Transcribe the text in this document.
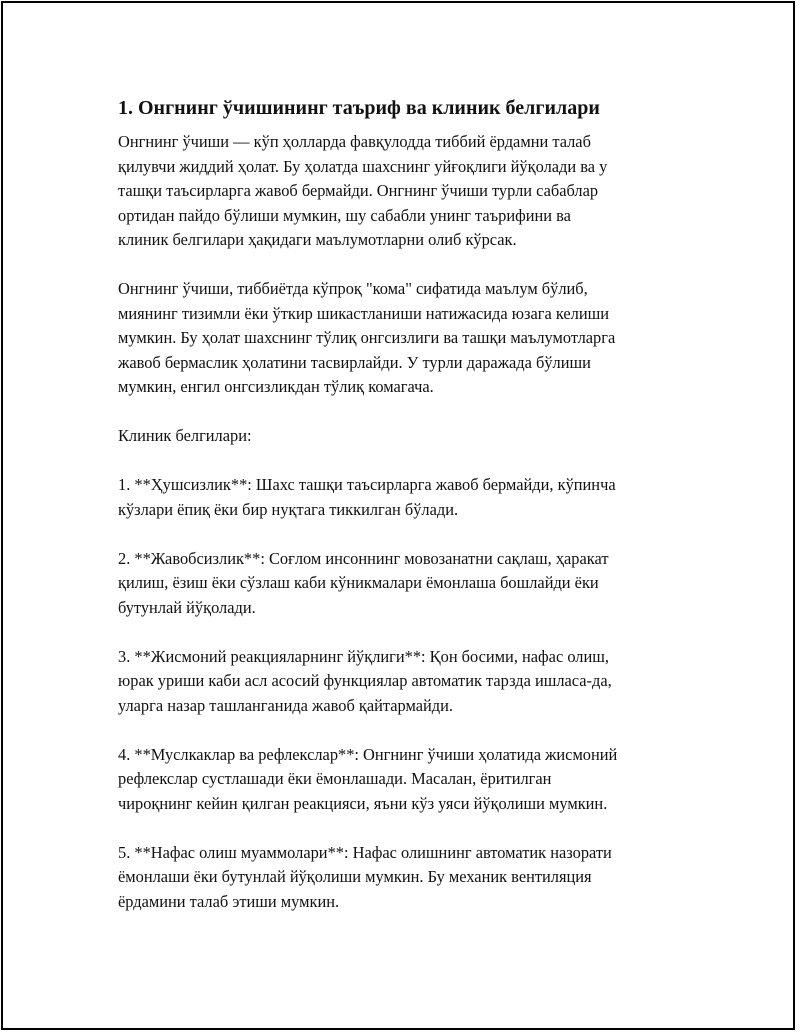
1. Онгнинг ўчишининг таъриф ва клиник белгилари

Онгнинг ўчиши — кўп ҳолларда фавқулодда тиббий ёрдамни талаб
қилувчи жиддий ҳолат. Бу ҳолатда шахснинг уйғоқлиги йўқолади ва у
ташқи таъсирларга жавоб бермайди. Онгнинг ўчиши турли сабаблар
ортидан пайдо бўлиши мумкин, шу сабабли унинг таърифини ва
клиник белгилари ҳақидаги маълумотларни олиб кўрсак.

Онгнинг ўчиши, тиббиётда кўпроқ "кома" сифатида маълум бўлиб,
миянинг тизимли ёки ўткир шикастланиши натижасида юзага келиши
мумкин. Бу ҳолат шахснинг тўлиқ онгсизлиги ва ташқи маълумотларга
жавоб бермаслик ҳолатини тасвирлайди. У турли даражада бўлиши
мумкин, енгил онгсизликдан тўлиқ комагача.

Клиник белгилари:

1. **Ҳушсизлик**: Шахс ташқи таъсирларга жавоб бермайди, кўпинча
кўзлари ёпиқ ёки бир нуқтага тиккилган бўлади.

2. **Жавобсизлик**: Соғлом инсоннинг мовозанатни сақлаш, ҳаракат
қилиш, ёзиш ёки сўзлаш каби кўникмалари ёмонлаша бошлайди ёки
бутунлай йўқолади.

3. **Жисмоний реакцияларнинг йўқлиги**: Қон босими, нафас олиш,
юрак уриши каби асл асосий функциялар автоматик тарзда ишласа-да,
уларга назар ташланганида жавоб қайтармайди.

4. **Муслкаклар ва рефлекслар**: Онгнинг ўчиши ҳолатида жисмоний
рефлекслар сустлашади ёки ёмонлашади. Масалан, ёритилган
чироқнинг кейин қилган реакцияси, яъни кўз уяси йўқолиши мумкин.

5. **Нафас олиш муаммолари**: Нафас олишнинг автоматик назорати
ёмонлаши ёки бутунлай йўқолиши мумкин. Бу механик вентиляция
ёрдамини талаб этиши мумкин.
